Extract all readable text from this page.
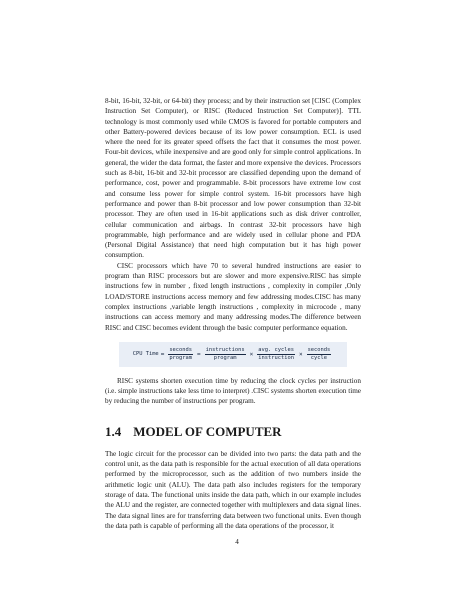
8-bit, 16-bit, 32-bit, or 64-bit) they process; and by their instruction set [CISC (Complex Instruction Set Computer), or RISC (Reduced Instruction Set Computer)]. TTL technology is most commonly used while CMOS is favored for portable computers and other Battery-powered devices because of its low power consumption. ECL is used where the need for its greater speed offsets the fact that it consumes the most power. Four-bit devices, while inexpensive and are good only for simple control applications. In general, the wider the data format, the faster and more expensive the devices. Processors such as 8-bit, 16-bit and 32-bit processor are classified depending upon the demand of performance, cost, power and programmable. 8-bit processors have extreme low cost and consume less power for simple control system. 16-bit processors have high performance and power than 8-bit processor and low power consumption than 32-bit processor. They are often used in 16-bit applications such as disk driver controller, cellular communication and airbags. In contrast 32-bit processors have high programmable, high performance and are widely used in cellular phone and PDA (Personal Digital Assistance) that need high computation but it has high power consumption.

CISC processors which have 70 to several hundred instructions are easier to program than RISC processors but are slower and more expensive.RISC has simple instructions few in number , fixed length instructions , complexity in compiler ,Only LOAD/STORE instructions access memory and few addressing modes.CISC has many complex instructions ,variable length instructions , complexity in microcode , many instructions can access memory and many addressing modes.The difference between RISC and CISC becomes evident through the basic computer performance equation.

CPU Time = $\frac{\text{seconds}}{\text{program}} = \frac{\text{instructions}}{\text{program}} \times \frac{\text{avg. cycles}}{\text{instruction}} \times \frac{\text{seconds}}{\text{cycle}}$

RISC systems shorten execution time by reducing the clock cycles per instruction (i.e. simple instructions take less time to interpret) .CISC systems shorten execution time by reducing the number of instructions per program.

1.4 MODEL OF COMPUTER

The logic circuit for the processor can be divided into two parts: the data path and the control unit, as the data path is responsible for the actual execution of all data operations performed by the microprocessor, such as the addition of two numbers inside the arithmetic logic unit (ALU). The data path also includes registers for the temporary storage of data. The functional units inside the data path, which in our example includes the ALU and the register, are connected together with multiplexers and data signal lines. The data signal lines are for transferring data between two functional units. Even though the data path is capable of performing all the data operations of the processor, it

4
